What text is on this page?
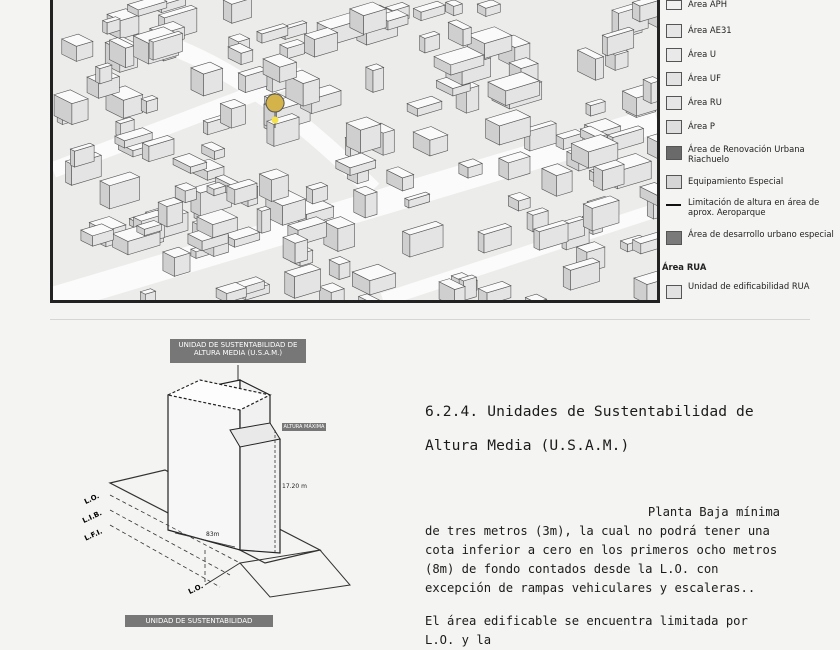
Área APH
Área AE31
Área U
Área UF
Área RU
Área P
Área de Renovación Urbana Riachuelo
Equipamiento Especial
Limitación de altura en área de aprox. Aeroparque
Área de desarrollo urbano especial
Área RUA
Unidad de edificabilidad RUA
UNIDAD DE SUSTENTABILIDAD DE ALTURA MEDIA (U.S.A.M.)
ALTURA MÁXIMA
17.20 m
83m
L.O.
L.I.B.
L.F.I.
L.O.
UNIDAD DE SUSTENTABILIDAD
6.2.4. Unidades de Sustentabilidad de Altura Media (U.S.A.M.)

Planta Baja mínima

de tres metros (3m), la cual no podrá tener una cota inferior a cero en los primeros ocho metros (8m) de fondo contados desde la L.O. con excepción de rampas vehiculares y escaleras..

El área edificable se encuentra limitada por L.O. y la
